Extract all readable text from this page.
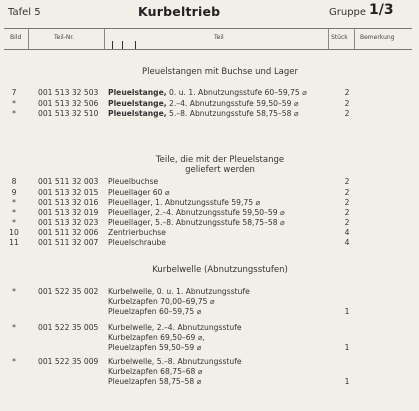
Tafel 5	Kurbeltrieb	Gruppe 1/3
Bild	Teil-Nr.	Teil	Stück Bemerkung
Pleuelstangen mit Buchse und Lager
Teile, die mit der Pleuelstange
geliefert werden
Kurbelwelle (Abnutzungsstufen)
7	001 513 32 503 Pleuelstange, 0. u. 1. Abnutzungsstufe 60–59,75 ⌀	2
*	001 513 32 506 Pleuelstange, 2.–4. Abnutzungsstufe 59,50–59 ⌀	2
*	001 513 32 510 Pleuelstange, 5.–8. Abnutzungsstufe 58,75–58 ⌀	2
8	001 511 32 003 Pleuelbuchse	2
9	001 513 32 015 Pleuellager 60 ⌀	2
*	001 513 32 016 Pleuellager, 1. Abnutzungsstufe 59,75 ⌀	2
*	001 513 32 019 Pleuellager, 2.–4. Abnutzungsstufe 59,50–59 ⌀	2
*	001 513 32 023 Pleuellager, 5.–8. Abnutzungsstufe 58,75–58 ⌀	2
10	001 511 32 006 Zentrierbuchse	4
11	001 511 32 007 Pleuelschraube	4
*	001 522 35 002 Kurbelwelle, 0. u. 1. Abnutzungsstufe
Kurbelzapfen 70,00–69,75 ⌀
Pleuelzapfen 60–59,75 ⌀	1
*	001 522 35 005 Kurbelwelle, 2.–4. Abnutzungsstufe
Kurbelzapfen 69,50–69 ⌀,
Pleuelzapfen 59,50–59 ⌀	1
*	001 522 35 009 Kurbelwelle, 5.–8. Abnutzungsstufe
Kurbelzapfen 68,75–68 ⌀
Pleuelzapfen 58,75–58 ⌀	1
